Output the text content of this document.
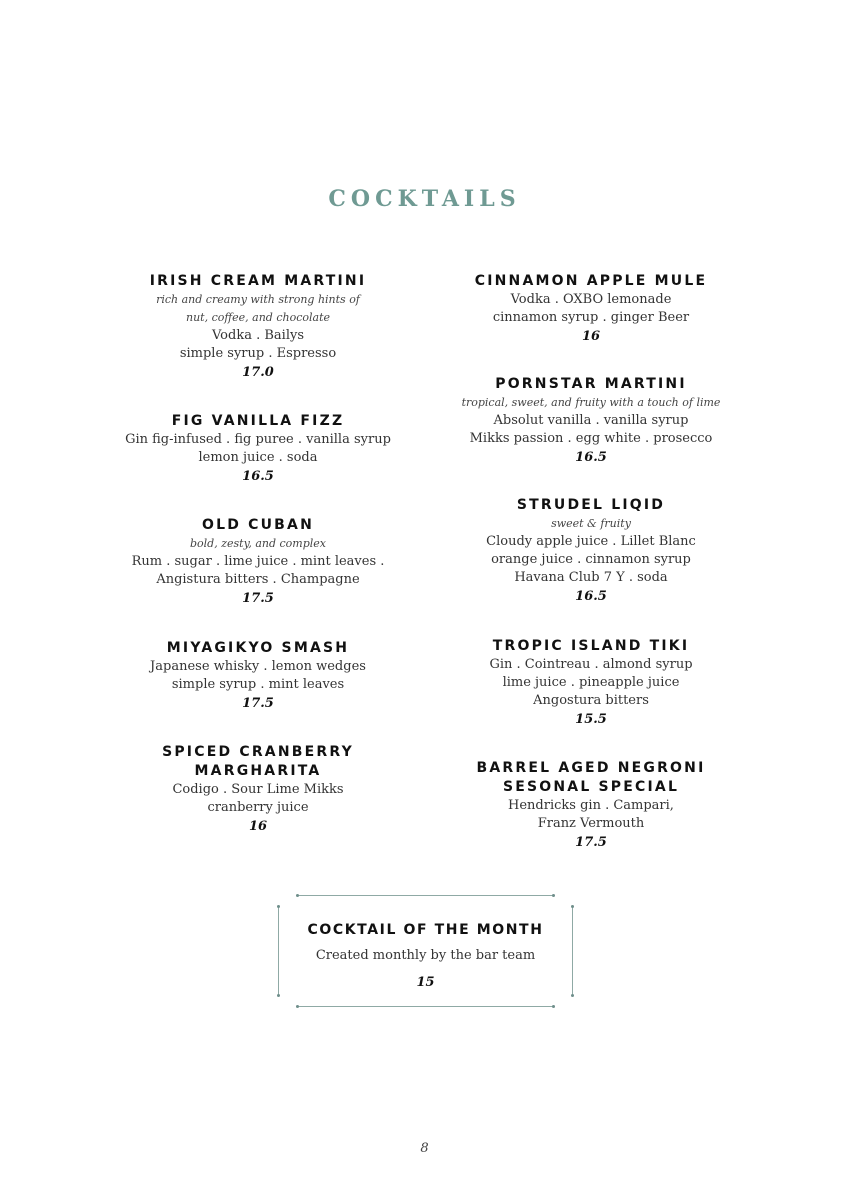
COCKTAILS
IRISH CREAM MARTINI
rich and creamy with strong hints of
nut, coffee, and chocolate
Vodka . Bailys
simple syrup . Espresso
17.0
FIG VANILLA FIZZ
Gin fig-infused . fig puree . vanilla syrup
lemon juice . soda
16.5
OLD CUBAN
bold, zesty, and complex
Rum . sugar . lime juice . mint leaves .
Angistura bitters . Champagne
17.5
MIYAGIKYO SMASH
Japanese whisky . lemon wedges
simple syrup . mint leaves
17.5
SPICED CRANBERRY
MARGHARITA
Codigo . Sour Lime Mikks
cranberry juice
16
CINNAMON APPLE MULE
Vodka . OXBO lemonade
cinnamon syrup . ginger Beer
16
PORNSTAR MARTINI
tropical, sweet, and fruity with a touch of lime
Absolut vanilla . vanilla syrup
Mikks passion . egg white . prosecco
16.5
STRUDEL LIQID
sweet & fruity
Cloudy apple juice . Lillet Blanc
orange juice . cinnamon syrup
Havana Club 7 Y . soda
16.5
TROPIC ISLAND TIKI
Gin . Cointreau . almond syrup
lime juice . pineapple juice
Angostura bitters
15.5
BARREL AGED NEGRONI
SESONAL SPECIAL
Hendricks gin . Campari,
Franz Vermouth
17.5
COCKTAIL OF THE MONTH
Created monthly by the bar team
15
8
